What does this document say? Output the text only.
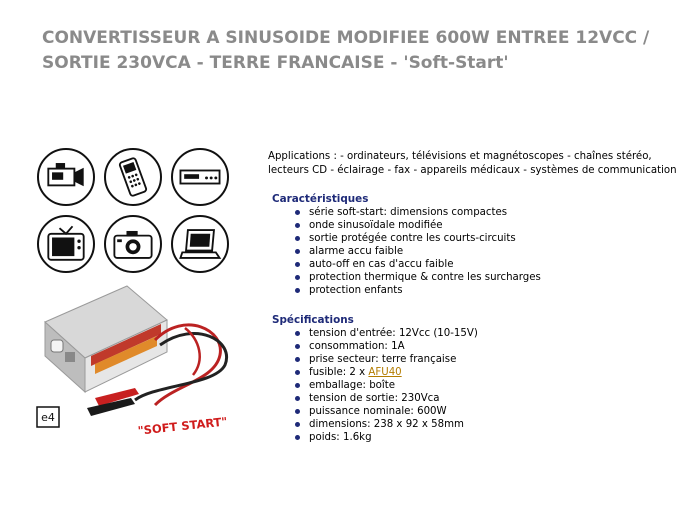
CONVERTISSEUR A SINUSOIDE MODIFIEE 600W ENTREE 12VCC / SORTIE 230VCA - TERRE FRANCAISE - 'Soft-Start'
e4	"SOFT START"
Applications : - ordinateurs, télévisions et magnétoscopes - chaînes stéréo, lecteurs CD - éclairage - fax - appareils médicaux - systèmes de communication
Caractéristiques
série soft-start: dimensions compactes
onde sinusoïdale modifiée
sortie protégée contre les courts-circuits
alarme accu faible
auto-off en cas d'accu faible
protection thermique & contre les surcharges
protection enfants
Spécifications
tension d'entrée: 12Vcc (10-15V)
consommation: 1A
prise secteur: terre française
fusible: 2 x AFU40
emballage: boîte
tension de sortie: 230Vca
puissance nominale: 600W
dimensions: 238 x 92 x 58mm
poids: 1.6kg
